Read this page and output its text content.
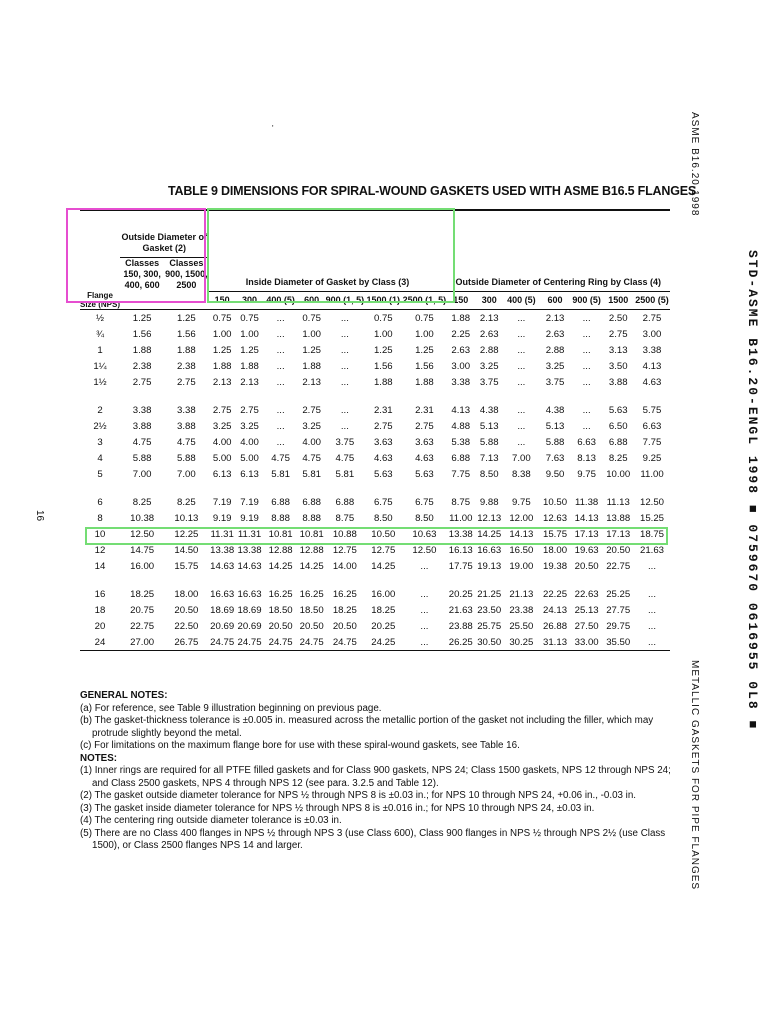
ASME B16.20-1998
STD-ASME B16.20-ENGL 1998 ■ 0759670 0616955 0L8 ■
METALLIC GASKETS FOR PIPE FLANGES
16
'
TABLE 9 DIMENSIONS FOR SPIRAL-WOUND GASKETS USED WITH ASME B16.5 FLANGES
	Outside Diameter of Gasket (2)		Inside Diameter of Gasket by Class (3)							Outside Diameter of Centering Ring by Class (4)						
	Classes 150, 300, 400, 600	Classes 900, 1500, 2500														
Flange Size (NPS)			150	300	400 (5)	600	900 (1, 5)	1500 (1)	2500 (1, 5)	150	300	400 (5)	600	900 (5)	1500	2500 (5)
½	1.25	1.25	0.75	0.75	...	0.75	...	0.75	0.75	1.88	2.13	...	2.13	...	2.50	2.75
¾	1.56	1.56	1.00	1.00	...	1.00	...	1.00	1.00	2.25	2.63	...	2.63	...	2.75	3.00
1	1.88	1.88	1.25	1.25	...	1.25	...	1.25	1.25	2.63	2.88	...	2.88	...	3.13	3.38
1¼	2.38	2.38	1.88	1.88	...	1.88	...	1.56	1.56	3.00	3.25	...	3.25	...	3.50	4.13
1½	2.75	2.75	2.13	2.13	...	2.13	...	1.88	1.88	3.38	3.75	...	3.75	...	3.88	4.63
2	3.38	3.38	2.75	2.75	...	2.75	...	2.31	2.31	4.13	4.38	...	4.38	...	5.63	5.75
2½	3.88	3.88	3.25	3.25	...	3.25	...	2.75	2.75	4.88	5.13	...	5.13	...	6.50	6.63
3	4.75	4.75	4.00	4.00	...	4.00	3.75	3.63	3.63	5.38	5.88	...	5.88	6.63	6.88	7.75
4	5.88	5.88	5.00	5.00	4.75	4.75	4.75	4.63	4.63	6.88	7.13	7.00	7.63	8.13	8.25	9.25
5	7.00	7.00	6.13	6.13	5.81	5.81	5.81	5.63	5.63	7.75	8.50	8.38	9.50	9.75	10.00	11.00
6	8.25	8.25	7.19	7.19	6.88	6.88	6.88	6.75	6.75	8.75	9.88	9.75	10.50	11.38	11.13	12.50
8	10.38	10.13	9.19	9.19	8.88	8.88	8.75	8.50	8.50	11.00	12.13	12.00	12.63	14.13	13.88	15.25
10	12.50	12.25	11.31	11.31	10.81	10.81	10.88	10.50	10.63	13.38	14.25	14.13	15.75	17.13	17.13	18.75
12	14.75	14.50	13.38	13.38	12.88	12.88	12.75	12.75	12.50	16.13	16.63	16.50	18.00	19.63	20.50	21.63
14	16.00	15.75	14.63	14.63	14.25	14.25	14.00	14.25	...	17.75	19.13	19.00	19.38	20.50	22.75	...
16	18.25	18.00	16.63	16.63	16.25	16.25	16.25	16.00	...	20.25	21.25	21.13	22.25	22.63	25.25	...
18	20.75	20.50	18.69	18.69	18.50	18.50	18.25	18.25	...	21.63	23.50	23.38	24.13	25.13	27.75	...
20	22.75	22.50	20.69	20.69	20.50	20.50	20.50	20.25	...	23.88	25.75	25.50	26.88	27.50	29.75	...
24	27.00	26.75	24.75	24.75	24.75	24.75	24.75	24.25	...	26.25	30.50	30.25	31.13	33.00	35.50	...
GENERAL NOTES:
(a) For reference, see Table 9 illustration beginning on previous page.
(b) The gasket-thickness tolerance is ±0.005 in. measured across the metallic portion of the gasket not including the filler, which may protrude slightly beyond the metal.
(c) For limitations on the maximum flange bore for use with these spiral-wound gaskets, see Table 16.
NOTES:
(1) Inner rings are required for all PTFE filled gaskets and for Class 900 gaskets, NPS 24; Class 1500 gaskets, NPS 12 through NPS 24; and Class 2500 gaskets, NPS 4 through NPS 12 (see para. 3.2.5 and Table 12).
(2) The gasket outside diameter tolerance for NPS ½ through NPS 8 is ±0.03 in.; for NPS 10 through NPS 24, +0.06 in., -0.03 in.
(3) The gasket inside diameter tolerance for NPS ½ through NPS 8 is ±0.016 in.; for NPS 10 through NPS 24, ±0.03 in.
(4) The centering ring outside diameter tolerance is ±0.03 in.
(5) There are no Class 400 flanges in NPS ½ through NPS 3 (use Class 600), Class 900 flanges in NPS ½ through NPS 2½ (use Class 1500), or Class 2500 flanges NPS 14 and larger.
